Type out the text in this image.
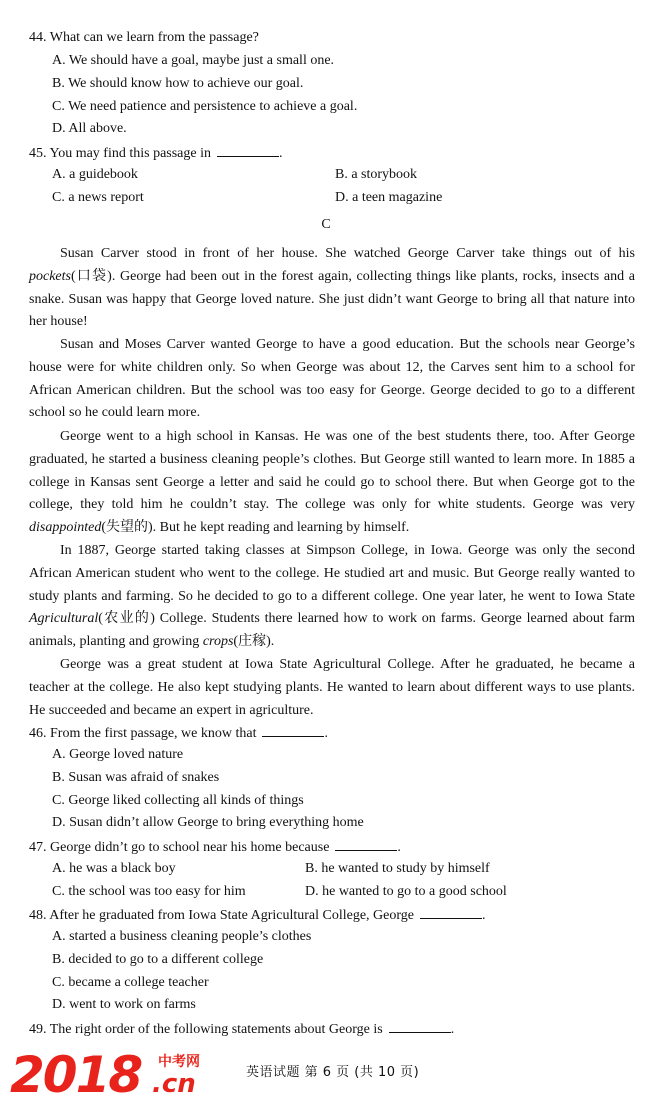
44. What can we learn from the passage?
A. We should have a goal, maybe just a small one.
B. We should know how to achieve our goal.
C. We need patience and persistence to achieve a goal.
D. All above.
45. You may find this passage in	.
A. a guidebook	B. a storybook
C. a news report	D. a teen magazine
C
Susan Carver stood in front of her house. She watched George Carver take things out of his pockets(口袋). George had been out in the forest again, collecting things like plants, rocks, insects and a snake. Susan was happy that George loved nature. She just didn’t want George to bring all that nature into her house!
Susan and Moses Carver wanted George to have a good education. But the schools near George’s house were for white children only. So when George was about 12, the Carves sent him to a school for African American children. But the school was too easy for George. George decided to go to a different school so he could learn more.
George went to a high school in Kansas. He was one of the best students there, too. After George graduated, he started a business cleaning people’s clothes. But George still wanted to learn more. In 1885 a college in Kansas sent George a letter and said he could go to school there. But when George got to the college, they told him he couldn’t stay. The college was only for white students. George was very disappointed(失望的). But he kept reading and learning by himself.
In 1887, George started taking classes at Simpson College, in Iowa. George was only the second African American student who went to the college. He studied art and music. But George really wanted to study plants and farming. So he decided to go to a different college. One year later, he went to Iowa State Agricultural(农业的) College. Students there learned how to work on farms. George learned about farm animals, planting and growing crops(庄稼).
George was a great student at Iowa State Agricultural College. After he graduated, he became a teacher at the college. He also kept studying plants. He wanted to learn about different ways to use plants. He succeeded and became an expert in agriculture.
46. From the first passage, we know that	.
A. George loved nature
B. Susan was afraid of snakes
C. George liked collecting all kinds of things
D. Susan didn’t allow George to bring everything home
47. George didn’t go to school near his home because	.
A. he was a black boy	B. he wanted to study by himself
C. the school was too easy for him	D. he wanted to go to a good school
48. After he graduated from Iowa State Agricultural College, George	.
A. started a business cleaning people’s clothes
B. decided to go to a different college
C. became a college teacher
D. went to work on farms
49. The right order of the following statements about George is	.
2018 中考网
.cn	英语试题 第 6 页 (共 10 页)
